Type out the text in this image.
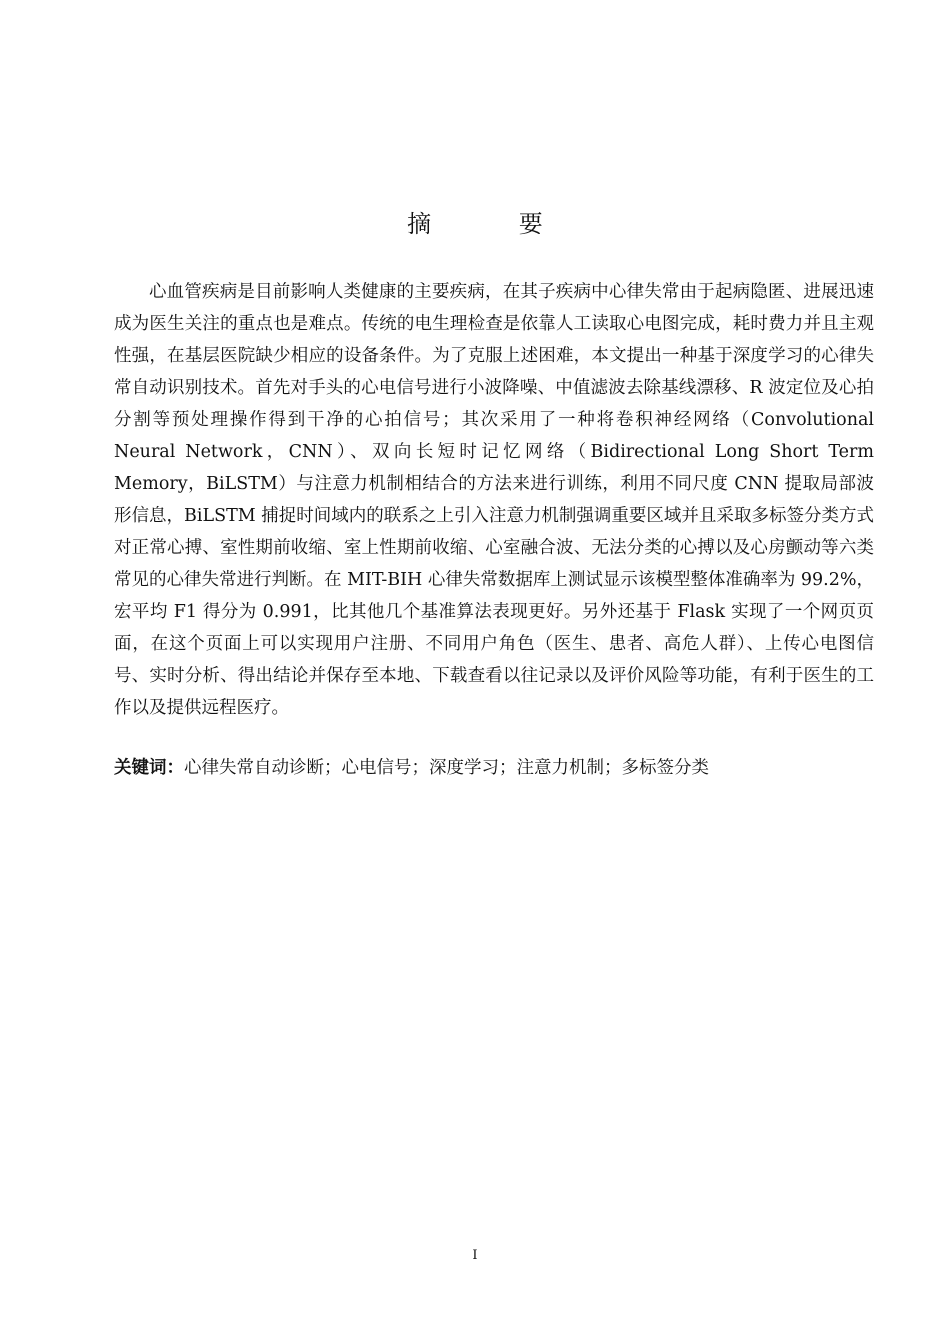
摘 要

心血管疾病是目前影响人类健康的主要疾病，在其子疾病中心律失常由于起病隐匿、进展迅速成为医生关注的重点也是难点。传统的电生理检查是依靠人工读取心电图完成，耗时费力并且主观性强，在基层医院缺少相应的设备条件。为了克服上述困难，本文提出一种基于深度学习的心律失常自动识别技术。首先对手头的心电信号进行小波降噪、中值滤波去除基线漂移、R 波定位及心拍分割等预处理操作得到干净的心拍信号；其次采用了一种将卷积神经网络（Convolutional Neural Network，CNN）、双向长短时记忆网络（Bidirectional Long Short Term Memory，BiLSTM）与注意力机制相结合的方法来进行训练，利用不同尺度 CNN 提取局部波形信息，BiLSTM 捕捉时间域内的联系之上引入注意力机制强调重要区域并且采取多标签分类方式对正常心搏、室性期前收缩、室上性期前收缩、心室融合波、无法分类的心搏以及心房颤动等六类常见的心律失常进行判断。在 MIT-BIH 心律失常数据库上测试显示该模型整体准确率为 99.2%，宏平均 F1 得分为 0.991，比其他几个基准算法表现更好。另外还基于 Flask 实现了一个网页页面，在这个页面上可以实现用户注册、不同用户角色（医生、患者、高危人群）、上传心电图信号、实时分析、得出结论并保存至本地、下载查看以往记录以及评价风险等功能，有利于医生的工作以及提供远程医疗。

关键词：心律失常自动诊断；心电信号；深度学习；注意力机制；多标签分类

I
